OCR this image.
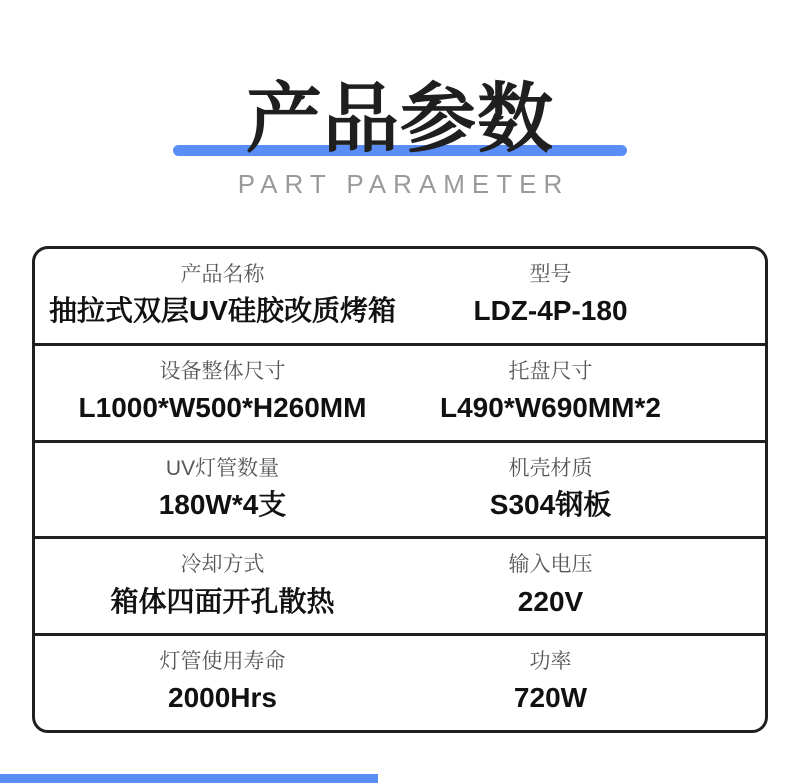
产品参数
PART PARAMETER
产品名称
抽拉式双层UV硅胶改质烤箱
型号
LDZ-4P-180
设备整体尺寸
L1000*W500*H260MM
托盘尺寸
L490*W690MM*2
UV灯管数量
180W*4支
机壳材质
S304钢板
冷却方式
箱体四面开孔散热
输入电压
220V
灯管使用寿命
2000Hrs
功率
720W
